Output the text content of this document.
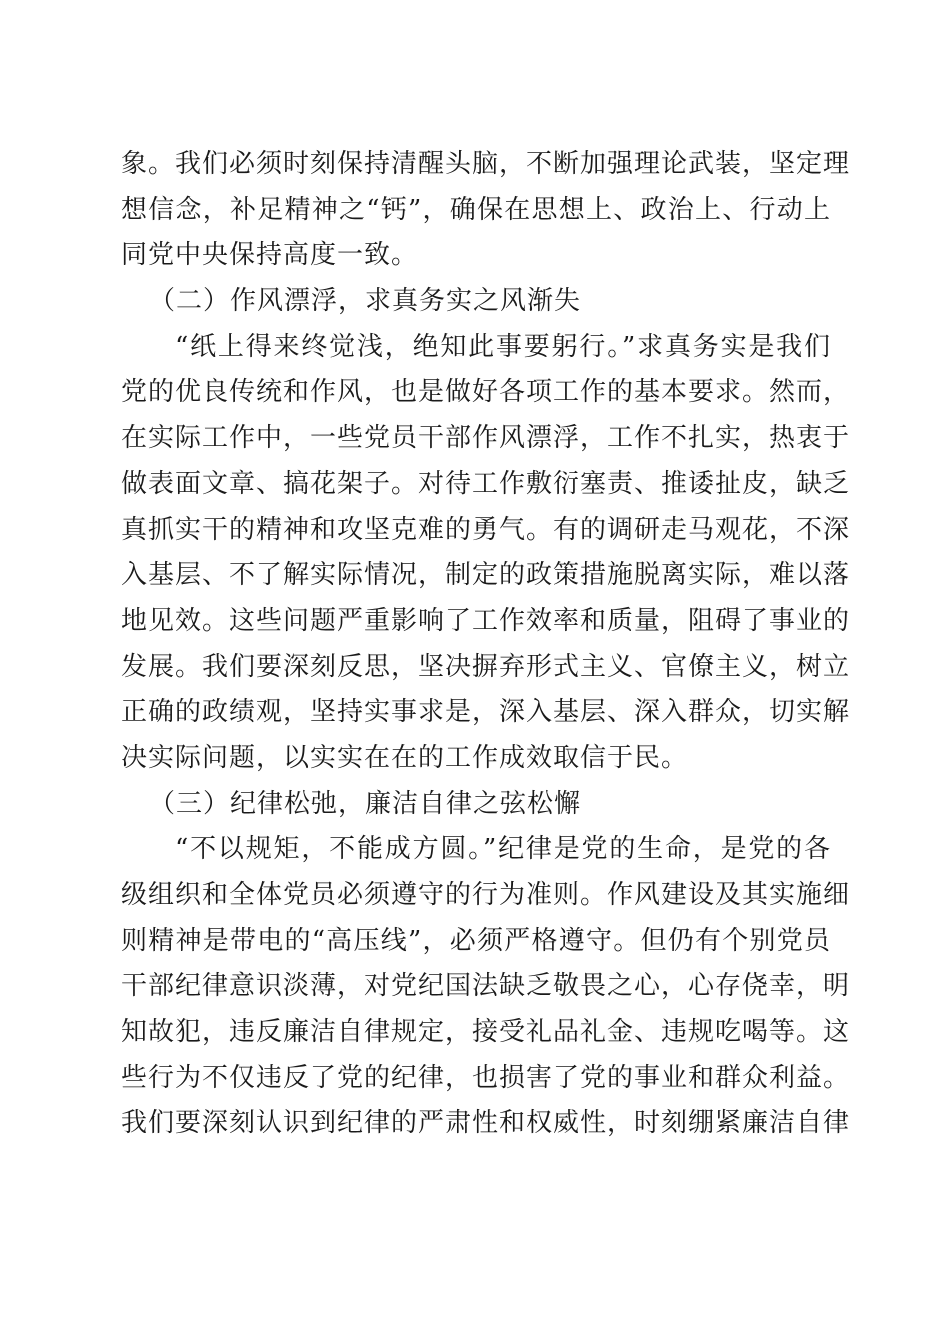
象。我们必须时刻保持清醒头脑，不断加强理论武装，坚定理
想信念，补足精神之“钙”，确保在思想上、政治上、行动上
同党中央保持高度一致。
（二）作风漂浮，求真务实之风渐失
“纸上得来终觉浅，绝知此事要躬行。”求真务实是我们
党的优良传统和作风，也是做好各项工作的基本要求。然而，
在实际工作中，一些党员干部作风漂浮，工作不扎实，热衷于
做表面文章、搞花架子。对待工作敷衍塞责、推诿扯皮，缺乏
真抓实干的精神和攻坚克难的勇气。有的调研走马观花，不深
入基层、不了解实际情况，制定的政策措施脱离实际，难以落
地见效。这些问题严重影响了工作效率和质量，阻碍了事业的
发展。我们要深刻反思，坚决摒弃形式主义、官僚主义，树立
正确的政绩观，坚持实事求是，深入基层、深入群众，切实解
决实际问题，以实实在在的工作成效取信于民。
（三）纪律松弛，廉洁自律之弦松懈
“不以规矩，不能成方圆。”纪律是党的生命，是党的各
级组织和全体党员必须遵守的行为准则。作风建设及其实施细
则精神是带电的“高压线”，必须严格遵守。但仍有个别党员
干部纪律意识淡薄，对党纪国法缺乏敬畏之心，心存侥幸，明
知故犯，违反廉洁自律规定，接受礼品礼金、违规吃喝等。这
些行为不仅违反了党的纪律，也损害了党的事业和群众利益。
我们要深刻认识到纪律的严肃性和权威性，时刻绷紧廉洁自律
